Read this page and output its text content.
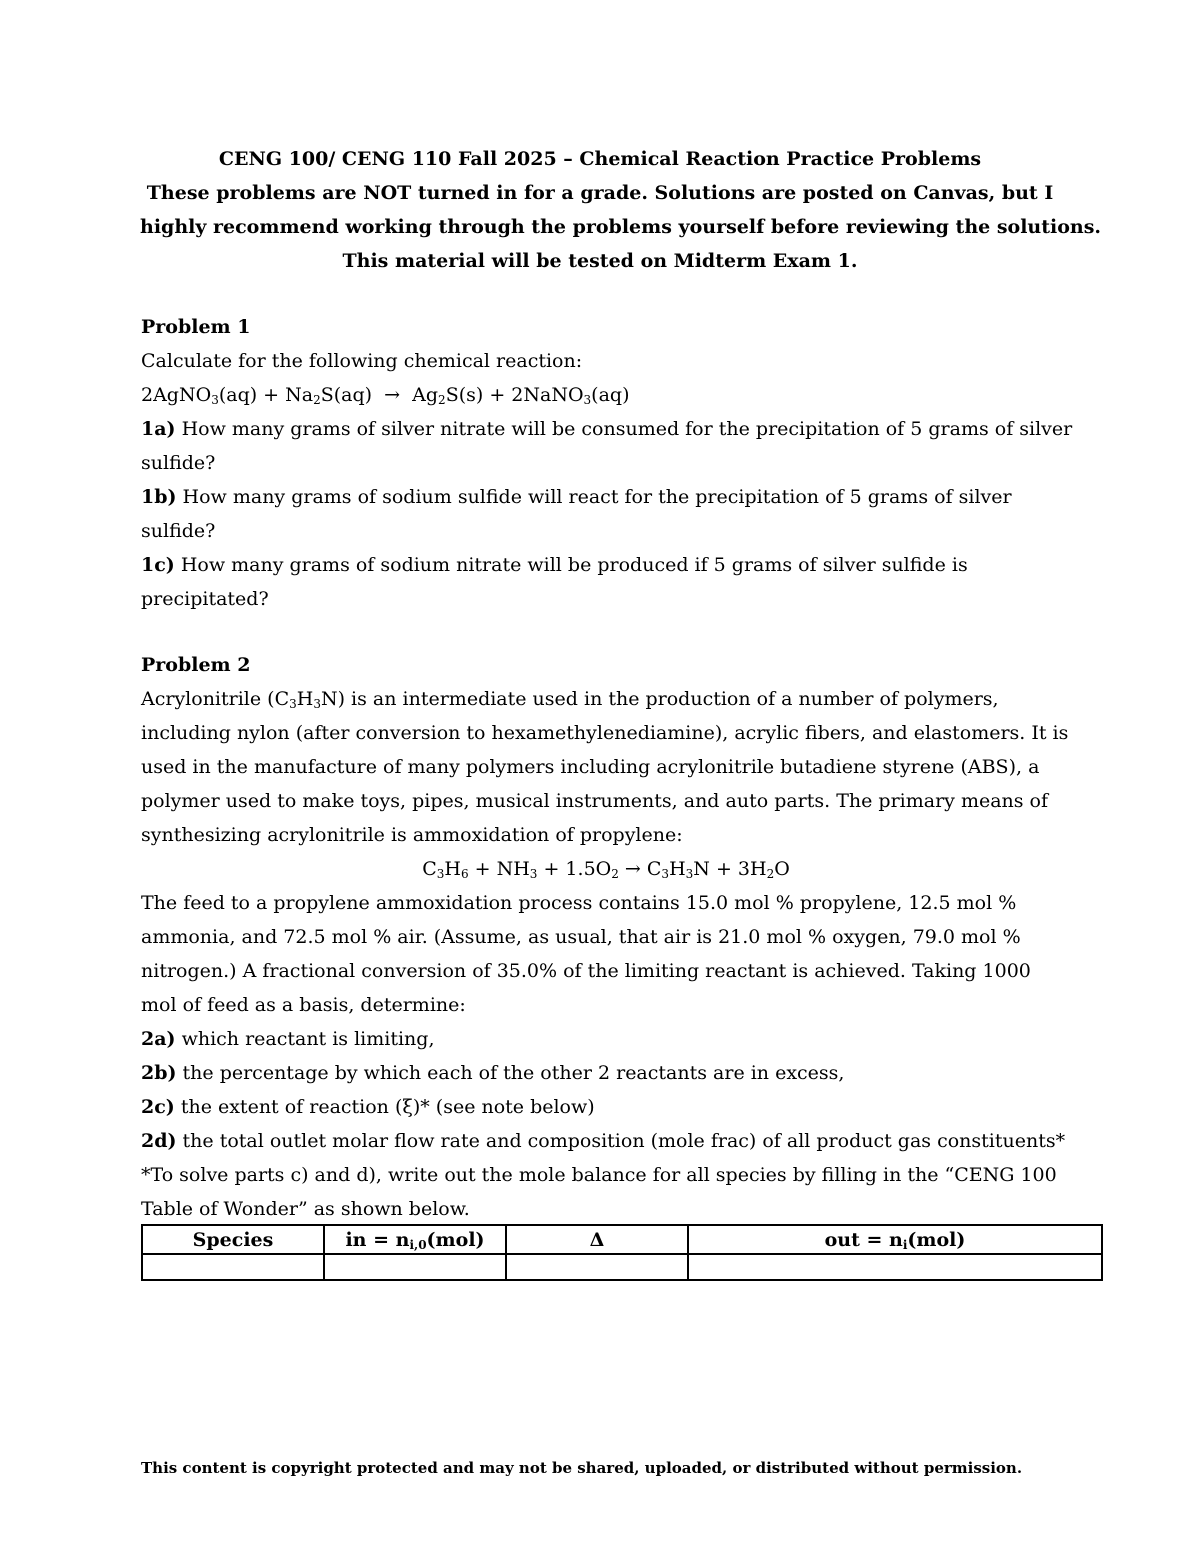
CENG 100/ CENG 110 Fall 2025 – Chemical Reaction Practice Problems
These problems are NOT turned in for a grade. Solutions are posted on Canvas, but I
highly recommend working through the problems yourself before reviewing the solutions.
This material will be tested on Midterm Exam 1.
Problem 1
Calculate for the following chemical reaction:
2AgNO$_3$(aq) + $Na_2S(aq) \to Ag_2S(s)$ + 2NaNO$_3$(aq)
1a) How many grams of silver nitrate will be consumed for the precipitation of 5 grams of silver
sulfide?
1b) How many grams of sodium sulfide will react for the precipitation of 5 grams of silver
sulfide?
1c) How many grams of sodium nitrate will be produced if 5 grams of silver sulfide is
precipitated?
Problem 2
Acrylonitrile $(C_3H_3N)$ is an intermediate used in the production of a number of polymers,
including nylon (after conversion to hexamethylenediamine), acrylic fibers, and elastomers. It is
used in the manufacture of many polymers including acrylonitrile butadiene styrene (ABS), a
polymer used to make toys, pipes, musical instruments, and auto parts. The primary means of
synthesizing acrylonitrile is ammoxidation of propylene:
$C_3H_6 + NH_3 + 1.5O_2 \to C_3H_3N + 3H_2O$
The feed to a propylene ammoxidation process contains 15.0 mol % propylene, 12.5 mol %
ammonia, and 72.5 mol % air. (Assume, as usual, that air is 21.0 mol % oxygen, 79.0 mol %
nitrogen.) A fractional conversion of 35.0% of the limiting reactant is achieved. Taking 1000
mol of feed as a basis, determine:
2a) which reactant is limiting,
2b) the percentage by which each of the other 2 reactants are in excess,
2c) the extent of reaction (ξ)* (see note below)
2d) the total outlet molar flow rate and composition (mole frac) of all product gas constituents*
*To solve parts c) and d), write out the mole balance for all species by filling in the “CENG 100
Table of Wonder” as shown below.
Species	in = $n_{i,0}(mol)$	Δ	out = $n_i(mol)$

This content is copyright protected and may not be shared, uploaded, or distributed without permission.
